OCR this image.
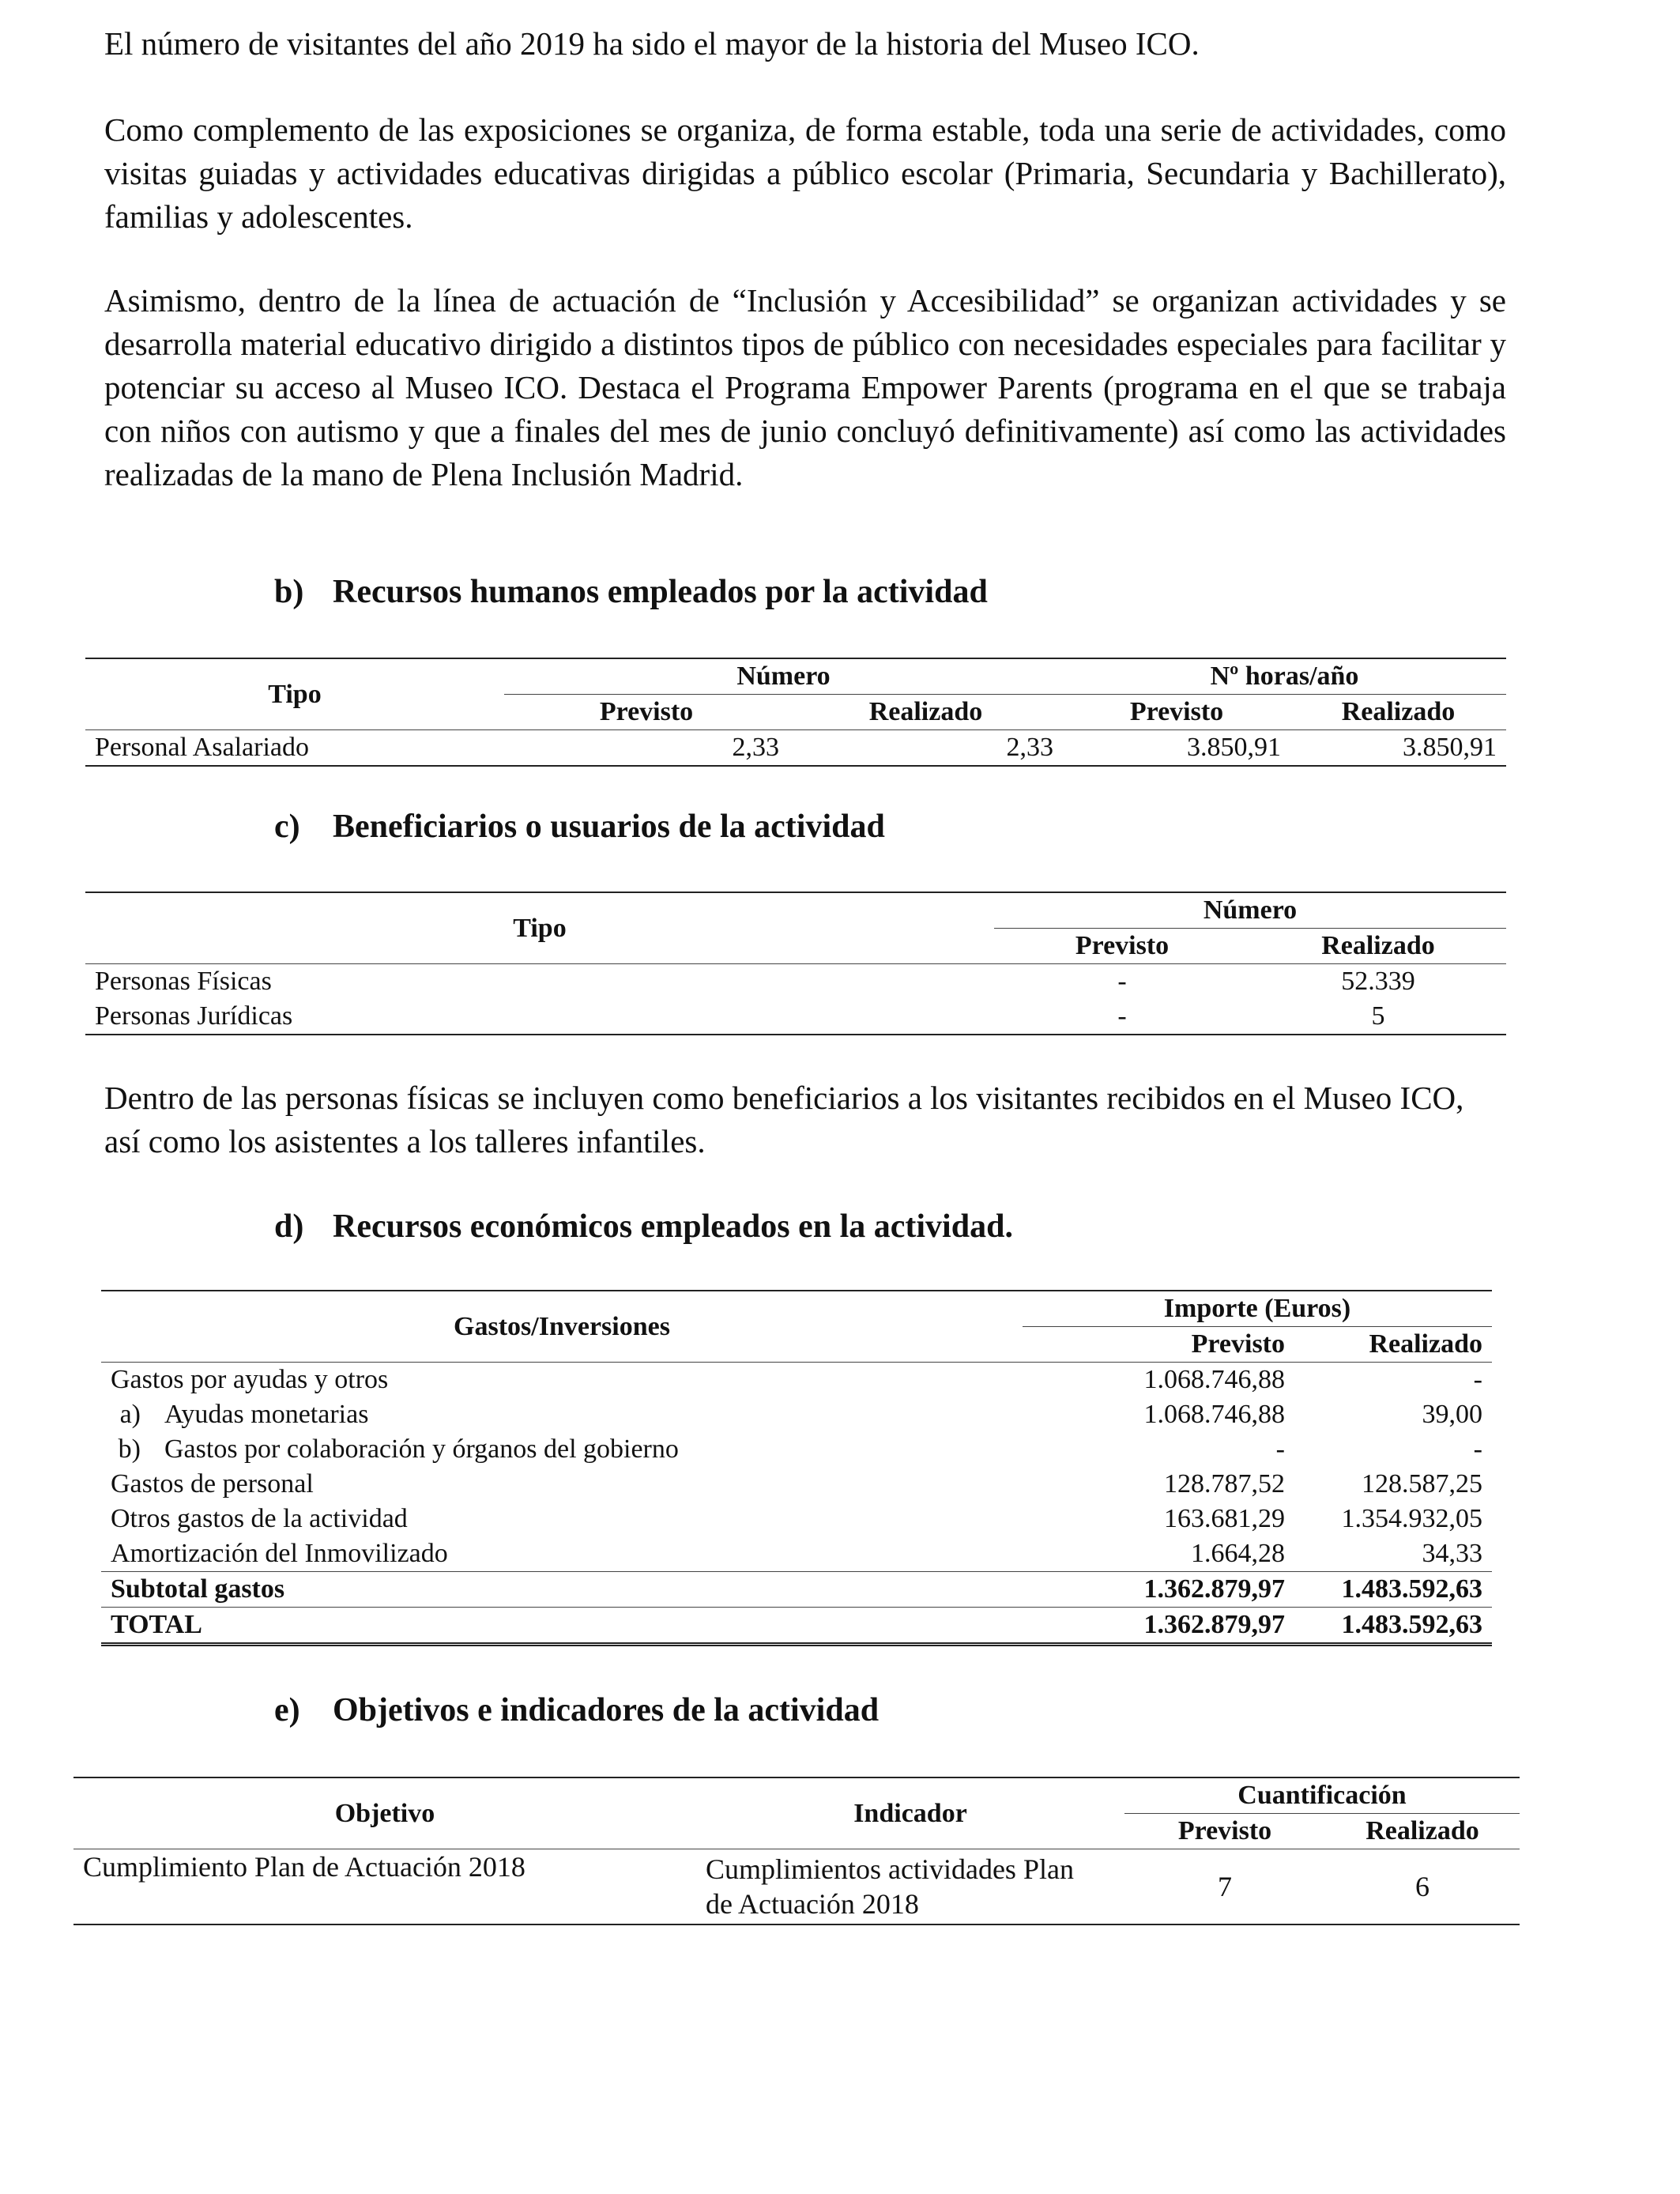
El número de visitantes del año 2019 ha sido el mayor de la historia del Museo ICO.

Como complemento de las exposiciones se organiza, de forma estable, toda una serie de actividades, como visitas guiadas y actividades educativas dirigidas a público escolar (Primaria, Secundaria y Bachillerato), familias y adolescentes.

Asimismo, dentro de la línea de actuación de “Inclusión y Accesibilidad” se organizan actividades y se desarrolla material educativo dirigido a distintos tipos de público con necesidades especiales para facilitar y potenciar su acceso al Museo ICO. Destaca el Programa Empower Parents (programa en el que se trabaja con niños con autismo y que a finales del mes de junio concluyó definitivamente) así como las actividades realizadas de la mano de Plena Inclusión Madrid.

b) Recursos humanos empleados por la actividad
Tipo	Número		Nº horas/año	
	Previsto	Realizado	Previsto	Realizado
Personal Asalariado	2,33	2,33	3.850,91	3.850,91
c) Beneficiarios o usuarios de la actividad
Tipo	Número	
	Previsto	Realizado
Personas Físicas	-	52.339
Personas Jurídicas	-	5

Dentro de las personas físicas se incluyen como beneficiarios a los visitantes recibidos en el Museo ICO, así como los asistentes a los talleres infantiles.

d) Recursos económicos empleados en la actividad.
Gastos/Inversiones		Importe (Euros)	
		Previsto	Realizado
Gastos por ayudas y otros		1.068.746,88	-
a)	Ayudas monetarias	1.068.746,88	39,00
b)	Gastos por colaboración y órganos del gobierno	-	-
Gastos de personal		128.787,52	128.587,25
Otros gastos de la actividad		163.681,29	1.354.932,05
Amortización del Inmovilizado		1.664,28	34,33
Subtotal gastos		1.362.879,97	1.483.592,63
TOTAL		1.362.879,97	1.483.592,63
e) Objetivos e indicadores de la actividad
Objetivo	Indicador	Cuantificación	
		Previsto	Realizado
Cumplimiento Plan de Actuación 2018	Cumplimientos actividades Plan
de Actuación 2018	7	6
